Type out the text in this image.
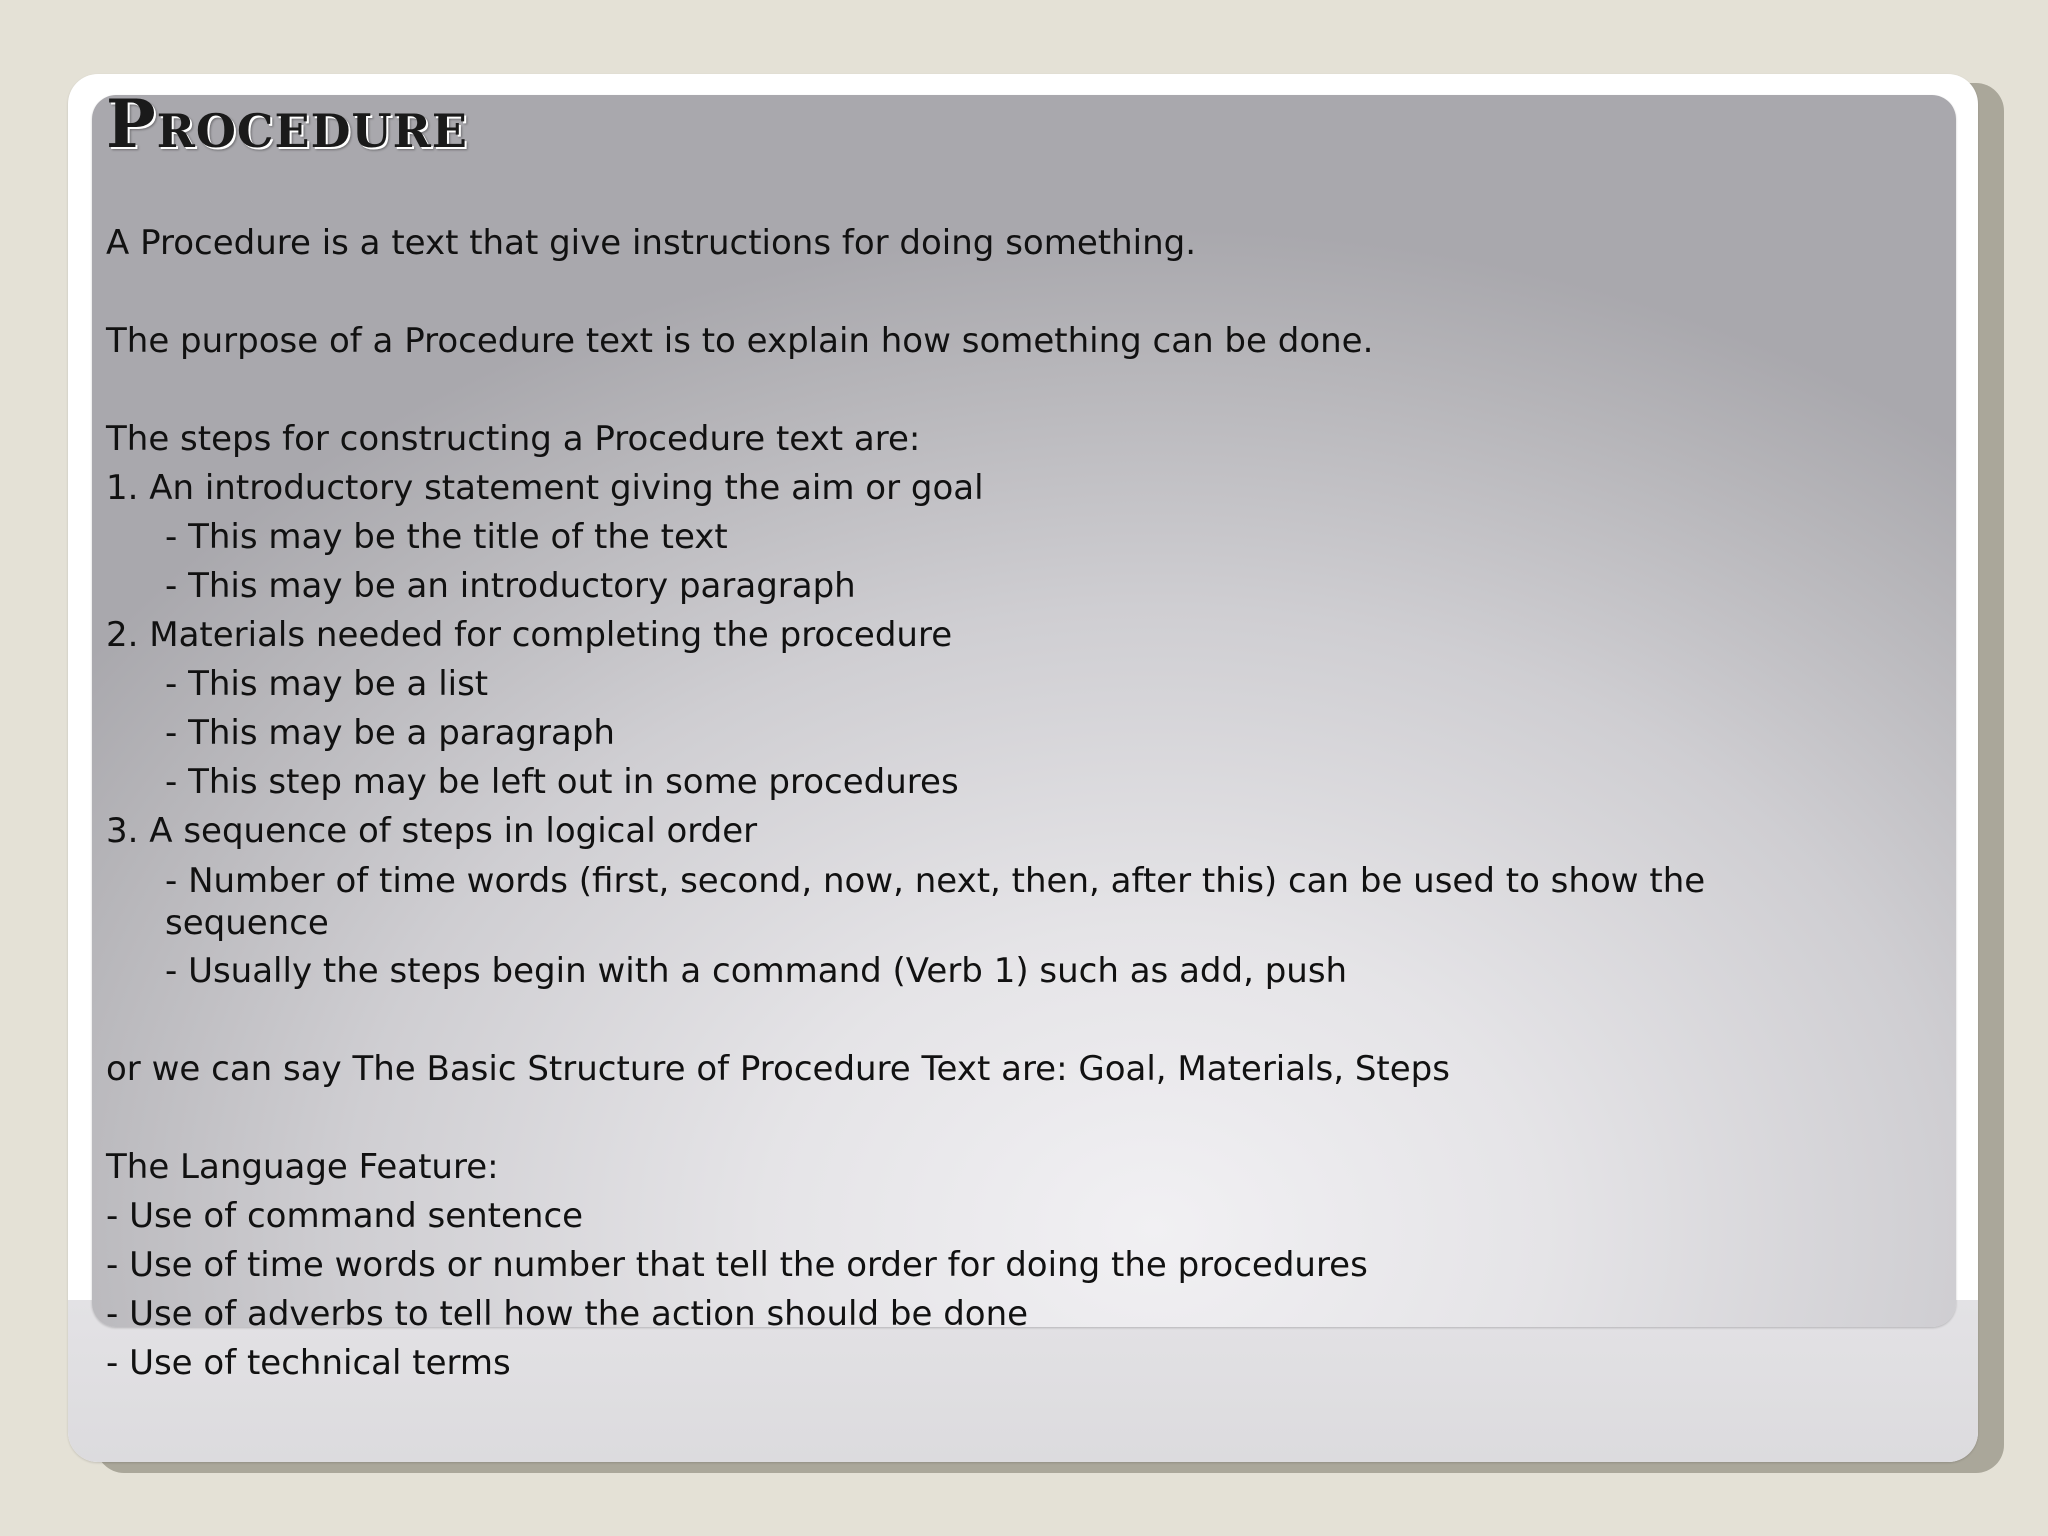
Procedure
A Procedure is a text that give instructions for doing something.
The purpose of a Procedure text is to explain how something can be done.
The steps for constructing a Procedure text are:
1. An introductory statement giving the aim or goal
- This may be the title of the text
- This may be an introductory paragraph
2. Materials needed for completing the procedure
- This may be a list
- This may be a paragraph
- This step may be left out in some procedures
3. A sequence of steps in logical order
- Number of time words (first, second, now, next, then, after this) can be used to show the sequence
- Usually the steps begin with a command (Verb 1) such as add, push
or we can say The Basic Structure of Procedure Text are: Goal, Materials, Steps
The Language Feature:
- Use of command sentence
- Use of time words or number that tell the order for doing the procedures
- Use of adverbs to tell how the action should be done
- Use of technical terms
